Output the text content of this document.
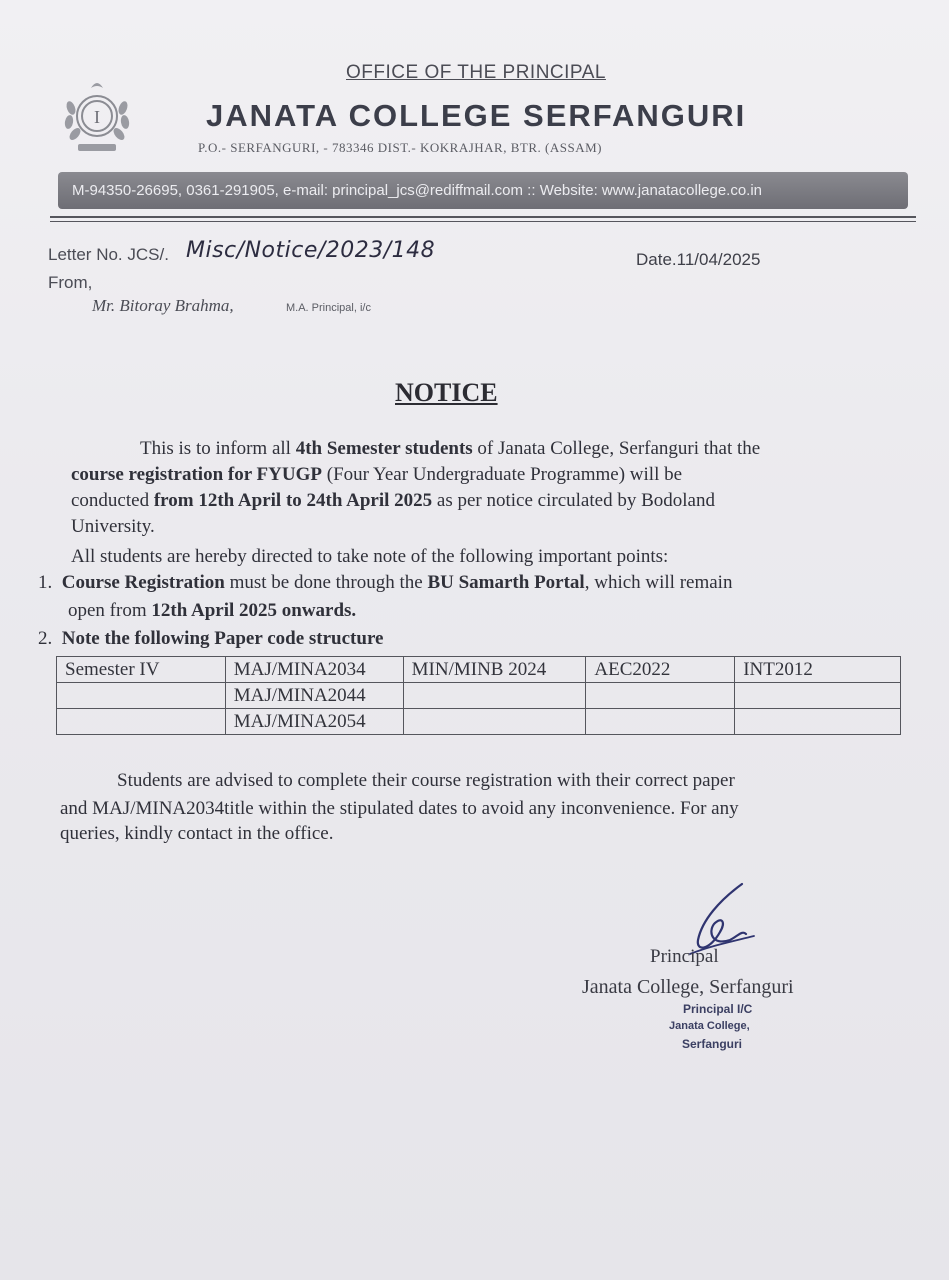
I
OFFICE OF THE PRINCIPAL
JANATA COLLEGE SERFANGURI
P.O.- SERFANGURI, - 783346 DIST.- KOKRAJHAR, BTR. (ASSAM)
M-94350-26695, 0361-291905, e-mail: principal_jcs@rediffmail.com :: Website: www.janatacollege.co.in
Letter No. JCS/. Misc/Notice/2023/148	Date.11/04/2025
From,
Mr. Bitoray Brahma,	M.A. Principal, i/c
NOTICE
This is to inform all 4th Semester students of Janata College, Serfanguri that the
course registration for FYUGP (Four Year Undergraduate Programme) will be
conducted from 12th April to 24th April 2025 as per notice circulated by Bodoland
University.
All students are hereby directed to take note of the following important points:
1. Course Registration must be done through the BU Samarth Portal, which will remain
open from 12th April 2025 onwards.
2. Note the following Paper code structure
Semester IV	MAJ/MINA2034	MIN/MINB 2024	AEC2022	INT2012
	MAJ/MINA2044			
	MAJ/MINA2054			
Students are advised to complete their course registration with their correct paper
and MAJ/MINA2034title within the stipulated dates to avoid any inconvenience. For any
queries, kindly contact in the office.
Principal
Janata College, Serfanguri
Principal I/C
Janata College,
Serfanguri
